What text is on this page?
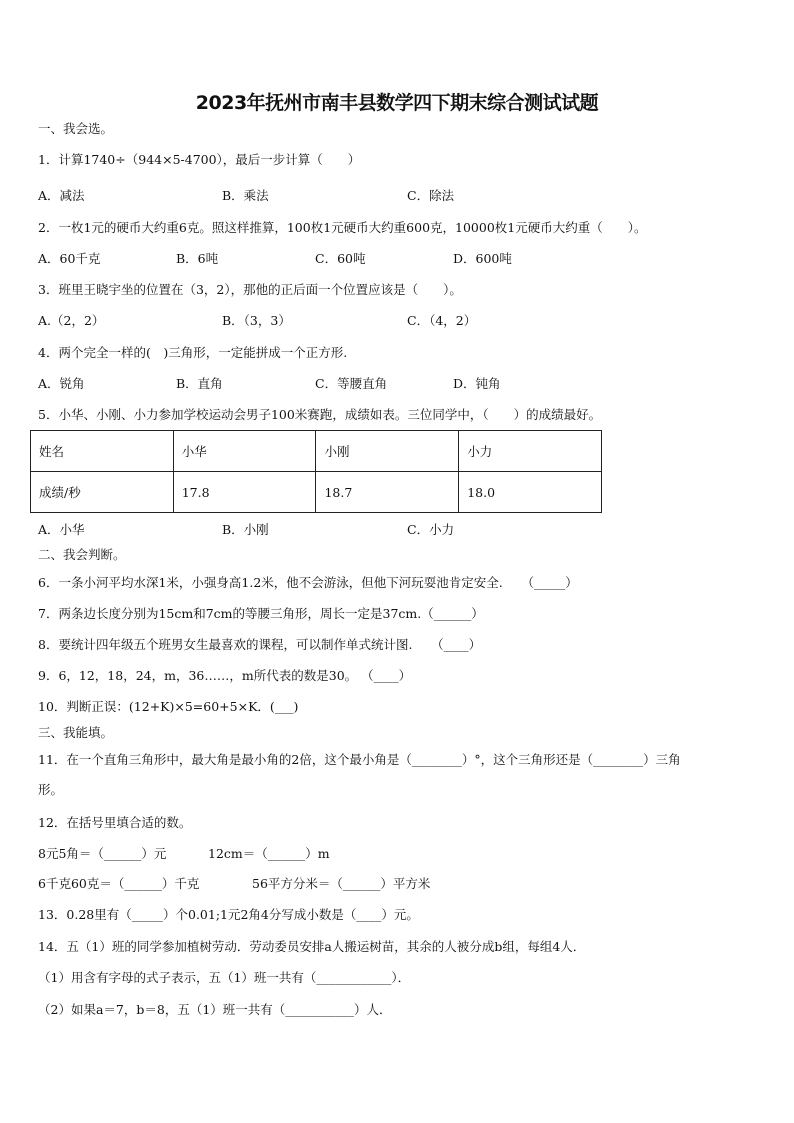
2023年抚州市南丰县数学四下期末综合测试试题
一、我会选。
1．计算1740÷（944×5-4700），最后一步计算（　　）
A．减法	B．乘法	C．除法
2．一枚1元的硬币大约重6克。照这样推算，100枚1元硬币大约重600克，10000枚1元硬币大约重（　　）。
A．60千克	B．6吨	C．60吨	D．600吨
3．班里王晓宇坐的位置在（3，2），那他的正后面一个位置应该是（　　）。
A.（2，2）	B．（3，3）	C．（4，2）
4．两个完全一样的(　)三角形，一定能拼成一个正方形.
A．锐角	B．直角	C．等腰直角	D．钝角
5．小华、小刚、小力参加学校运动会男子100米赛跑，成绩如表。三位同学中，（　　）的成绩最好。
姓名	小华	小刚	小力
成绩/秒	17.8	18.7	18.0
A．小华	B．小刚	C．小力
二、我会判断。
6．一条小河平均水深1米，小强身高1.2米，他不会游泳，但他下河玩耍池肯定安全.　　（_____）
7．两条边长度分别为15cm和7cm的等腰三角形，周长一定是37cm.（______）
8．要统计四年级五个班男女生最喜欢的课程，可以制作单式统计图.　　（____）
9．6，12，18，24，m，36……，m所代表的数是30。 （____）
10．判断正误：(12+K)×5=60+5×K．(___)
三、我能填。
11．在一个直角三角形中，最大角是最小角的2倍，这个最小角是（________）°，这个三角形还是（________）三角
形。
12．在括号里填合适的数。
8元5角＝（______）元	12cm＝（______）m
6千克60克＝（______）千克	56平方分米＝（______）平方米
13．0.28里有（_____）个0.01;1元2角4分写成小数是（____）元。
14．五（1）班的同学参加植树劳动．劳动委员安排a人搬运树苗，其余的人被分成b组，每组4人．
（1）用含有字母的式子表示，五（1）班一共有（____________）．
（2）如果a＝7，b＝8，五（1）班一共有（___________）人．
